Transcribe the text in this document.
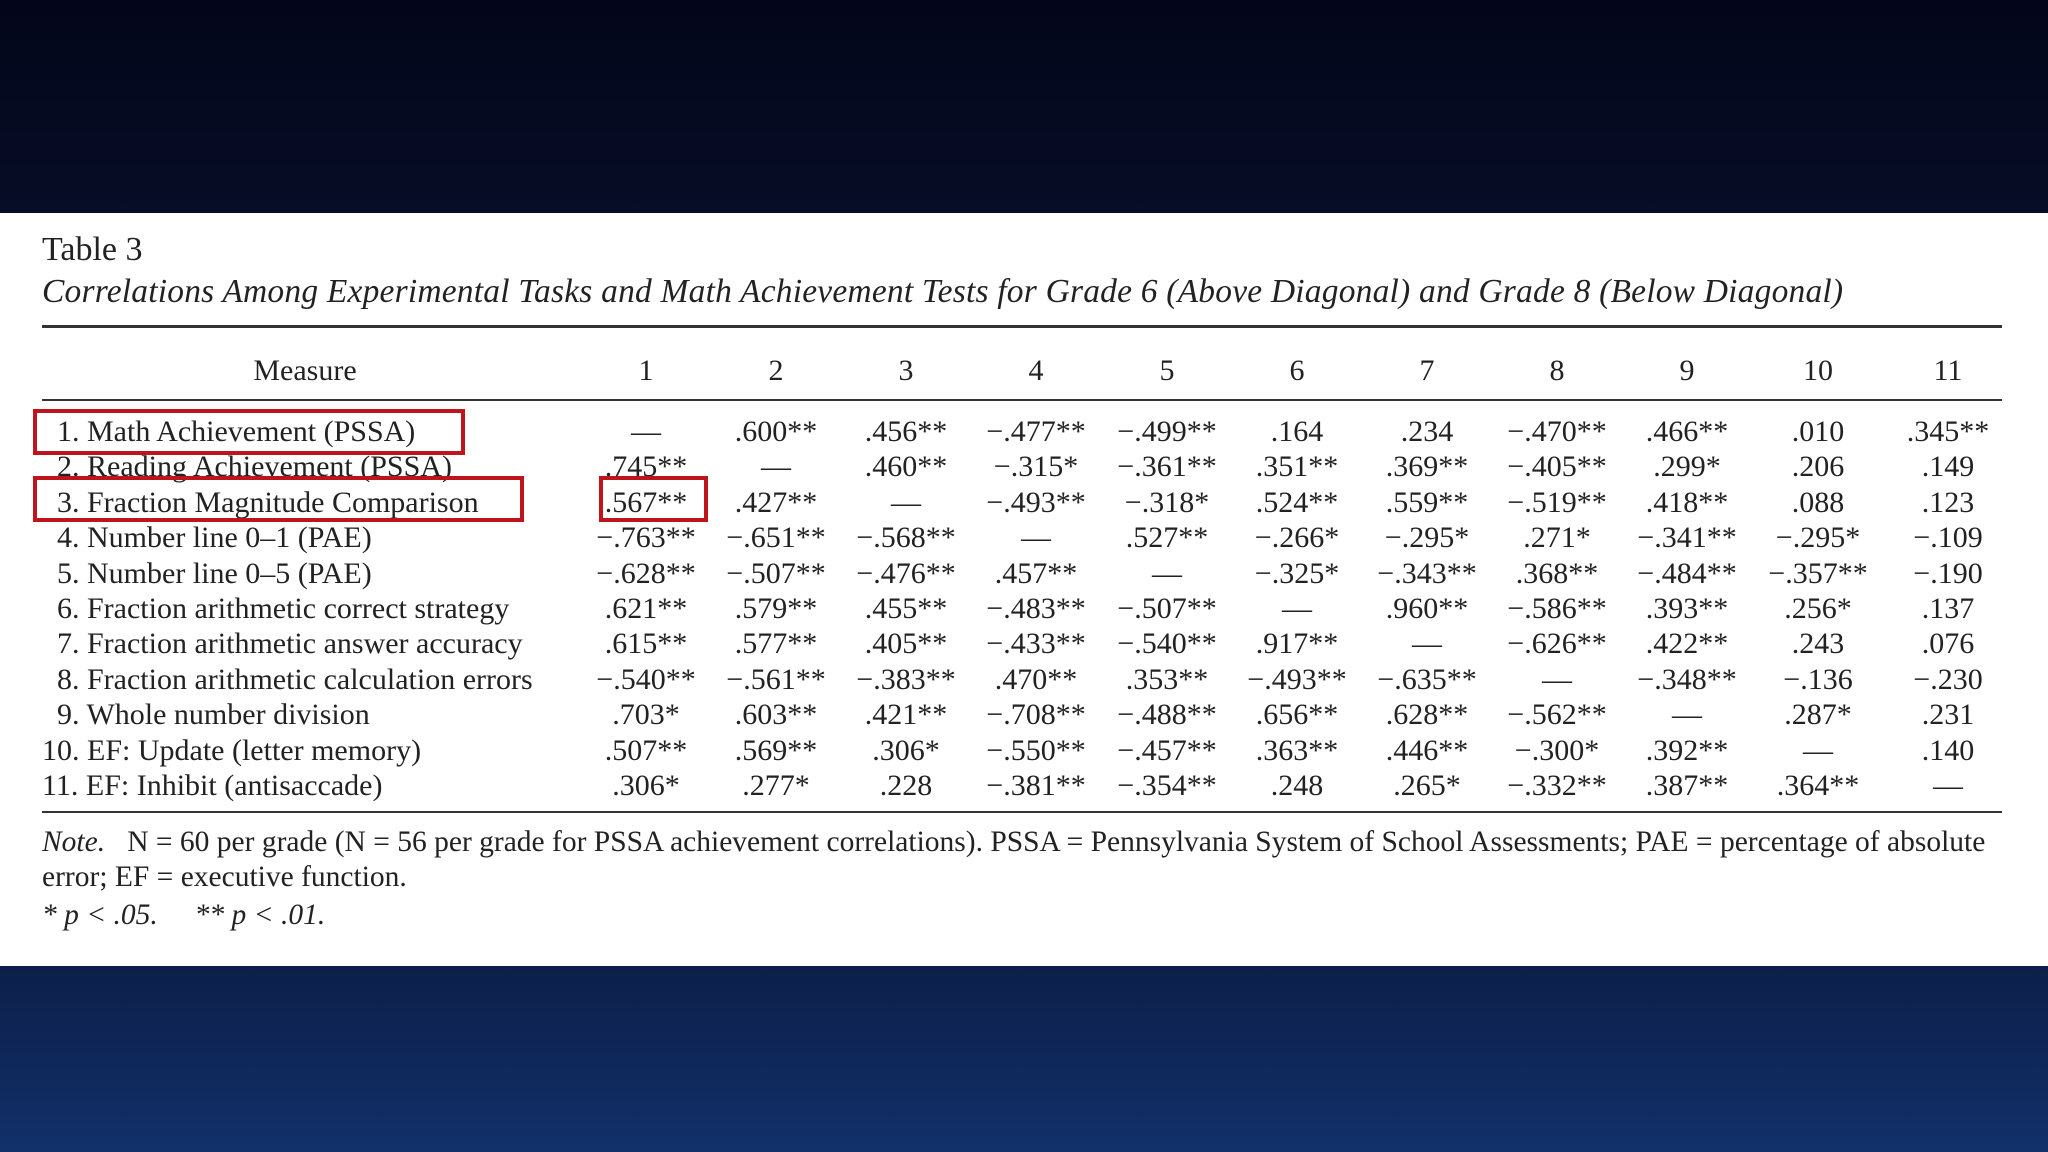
Table 3
Correlations Among Experimental Tasks and Math Achievement Tests for Grade 6 (Above Diagonal) and Grade 8 (Below Diagonal)
Measure	1	2	3	4	5	6	7	8	9	10	11
1. Math Achievement (PSSA)	—	.600**	.456**	−.477**	−.499**	.164	.234	−.470**	.466**	.010	.345**
2. Reading Achievement (PSSA)	.745**	—	.460**	−.315*	−.361**	.351**	.369**	−.405**	.299*	.206	.149
3. Fraction Magnitude Comparison	.567**	.427**	—	−.493**	−.318*	.524**	.559**	−.519**	.418**	.088	.123
4. Number line 0–1 (PAE)	−.763**	−.651**	−.568**	—	.527**	−.266*	−.295*	.271*	−.341**	−.295*	−.109
5. Number line 0–5 (PAE)	−.628**	−.507**	−.476**	.457**	—	−.325*	−.343**	.368**	−.484**	−.357**	−.190
6. Fraction arithmetic correct strategy	.621**	.579**	.455**	−.483**	−.507**	—	.960**	−.586**	.393**	.256*	.137
7. Fraction arithmetic answer accuracy	.615**	.577**	.405**	−.433**	−.540**	.917**	—	−.626**	.422**	.243	.076
8. Fraction arithmetic calculation errors	−.540**	−.561**	−.383**	.470**	.353**	−.493**	−.635**	—	−.348**	−.136	−.230
9. Whole number division	.703*	.603**	.421**	−.708**	−.488**	.656**	.628**	−.562**	—	.287*	.231
10. EF: Update (letter memory)	.507**	.569**	.306*	−.550**	−.457**	.363**	.446**	−.300*	.392**	—	.140
11. EF: Inhibit (antisaccade)	.306*	.277*	.228	−.381**	−.354**	.248	.265*	−.332**	.387**	.364**	—
Note. N = 60 per grade (N = 56 per grade for PSSA achievement correlations). PSSA = Pennsylvania System of School Assessments; PAE = percentage of absolute error; EF = executive function.
* p < .05. ** p < .01.
